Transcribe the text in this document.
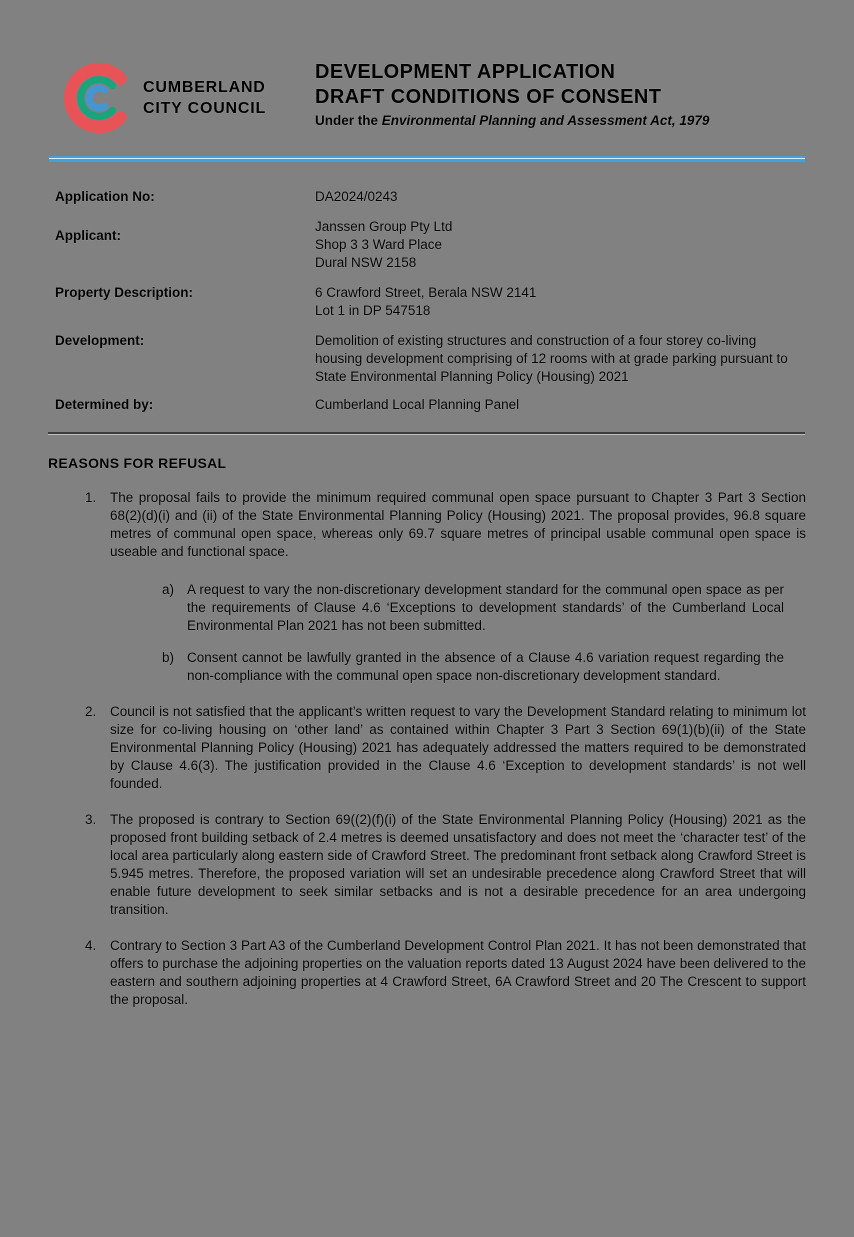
CUMBERLAND
CITY COUNCIL
DEVELOPMENT APPLICATION
DRAFT CONDITIONS OF CONSENT
Under the Environmental Planning and Assessment Act, 1979
Application No:	DA2024/0243
Applicant:
Janssen Group Pty Ltd
Shop 3 3 Ward Place
Dural NSW 2158
Property Description:	6 Crawford Street, Berala NSW 2141
Lot 1 in DP 547518
Development:	Demolition of existing structures and construction of a four storey co-living housing development comprising of 12 rooms with at grade parking pursuant to State Environmental Planning Policy (Housing) 2021
Determined by:	Cumberland Local Planning Panel
REASONS FOR REFUSAL
1. The proposal fails to provide the minimum required communal open space pursuant to Chapter 3 Part 3 Section 68(2)(d)(i) and (ii) of the State Environmental Planning Policy (Housing) 2021. The proposal provides, 96.8 square metres of communal open space, whereas only 69.7 square metres of principal usable communal open space is useable and functional space.
a) A request to vary the non-discretionary development standard for the communal open space as per the requirements of Clause 4.6 ‘Exceptions to development standards’ of the Cumberland Local Environmental Plan 2021 has not been submitted.
b) Consent cannot be lawfully granted in the absence of a Clause 4.6 variation request regarding the non-compliance with the communal open space non-discretionary development standard.
2. Council is not satisfied that the applicant’s written request to vary the Development Standard relating to minimum lot size for co-living housing on ‘other land’ as contained within Chapter 3 Part 3 Section 69(1)(b)(ii) of the State Environmental Planning Policy (Housing) 2021 has adequately addressed the matters required to be demonstrated by Clause 4.6(3). The justification provided in the Clause 4.6 ‘Exception to development standards’ is not well founded.
3. The proposed is contrary to Section 69((2)(f)(i) of the State Environmental Planning Policy (Housing) 2021 as the proposed front building setback of 2.4 metres is deemed unsatisfactory and does not meet the ‘character test’ of the local area particularly along eastern side of Crawford Street. The predominant front setback along Crawford Street is 5.945 metres. Therefore, the proposed variation will set an undesirable precedence along Crawford Street that will enable future development to seek similar setbacks and is not a desirable precedence for an area undergoing transition.
4. Contrary to Section 3 Part A3 of the Cumberland Development Control Plan 2021. It has not been demonstrated that offers to purchase the adjoining properties on the valuation reports dated 13 August 2024 have been delivered to the eastern and southern adjoining properties at 4 Crawford Street, 6A Crawford Street and 20 The Crescent to support the proposal.
